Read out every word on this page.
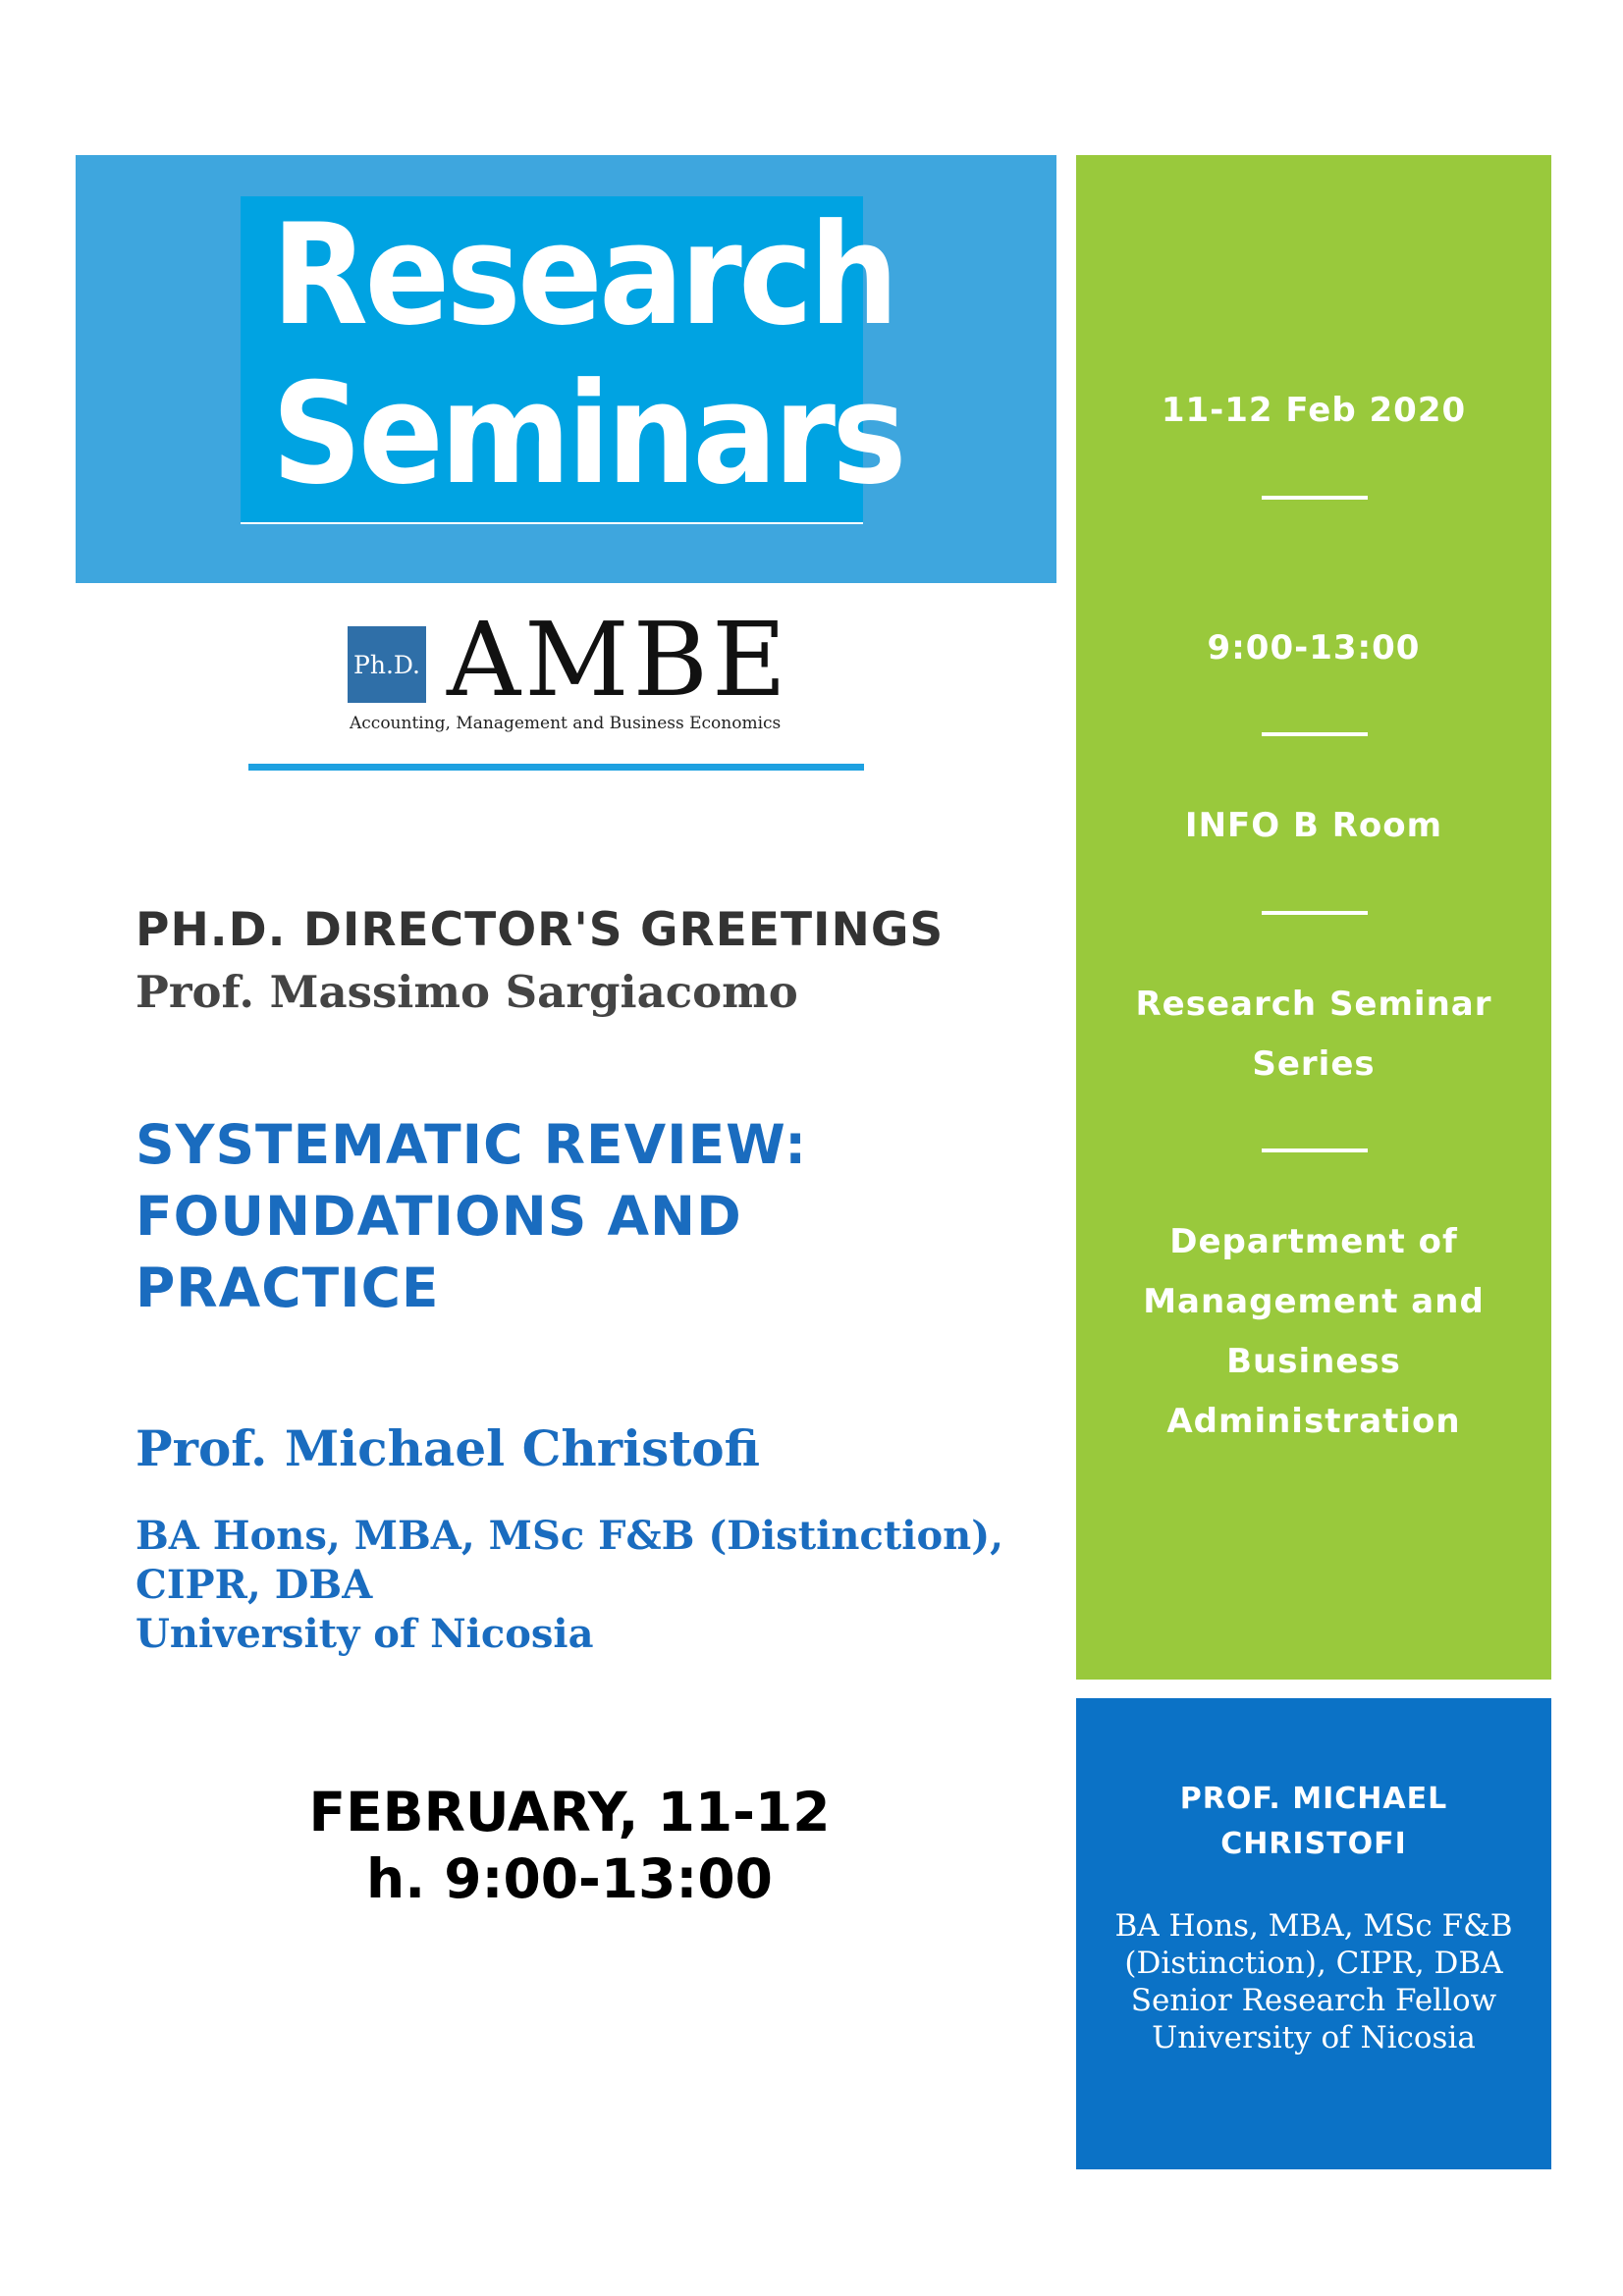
Research
Seminars
Ph.D. AMBE
Accounting, Management and Business Economics
PH.D. DIRECTOR'S GREETINGS
Prof. Massimo Sargiacomo
SYSTEMATIC REVIEW:
FOUNDATIONS AND
PRACTICE
Prof. Michael Christofi
BA Hons, MBA, MSc F&B (Distinction),
CIPR, DBA
University of Nicosia
FEBRUARY, 11-12
h. 9:00-13:00
11-12 Feb 2020
9:00-13:00
INFO B Room
Research Seminar
Series
Department of
Management and
Business
Administration
PROF. MICHAEL
CHRISTOFI
BA Hons, MBA, MSc F&B
(Distinction), CIPR, DBA
Senior Research Fellow
University of Nicosia
